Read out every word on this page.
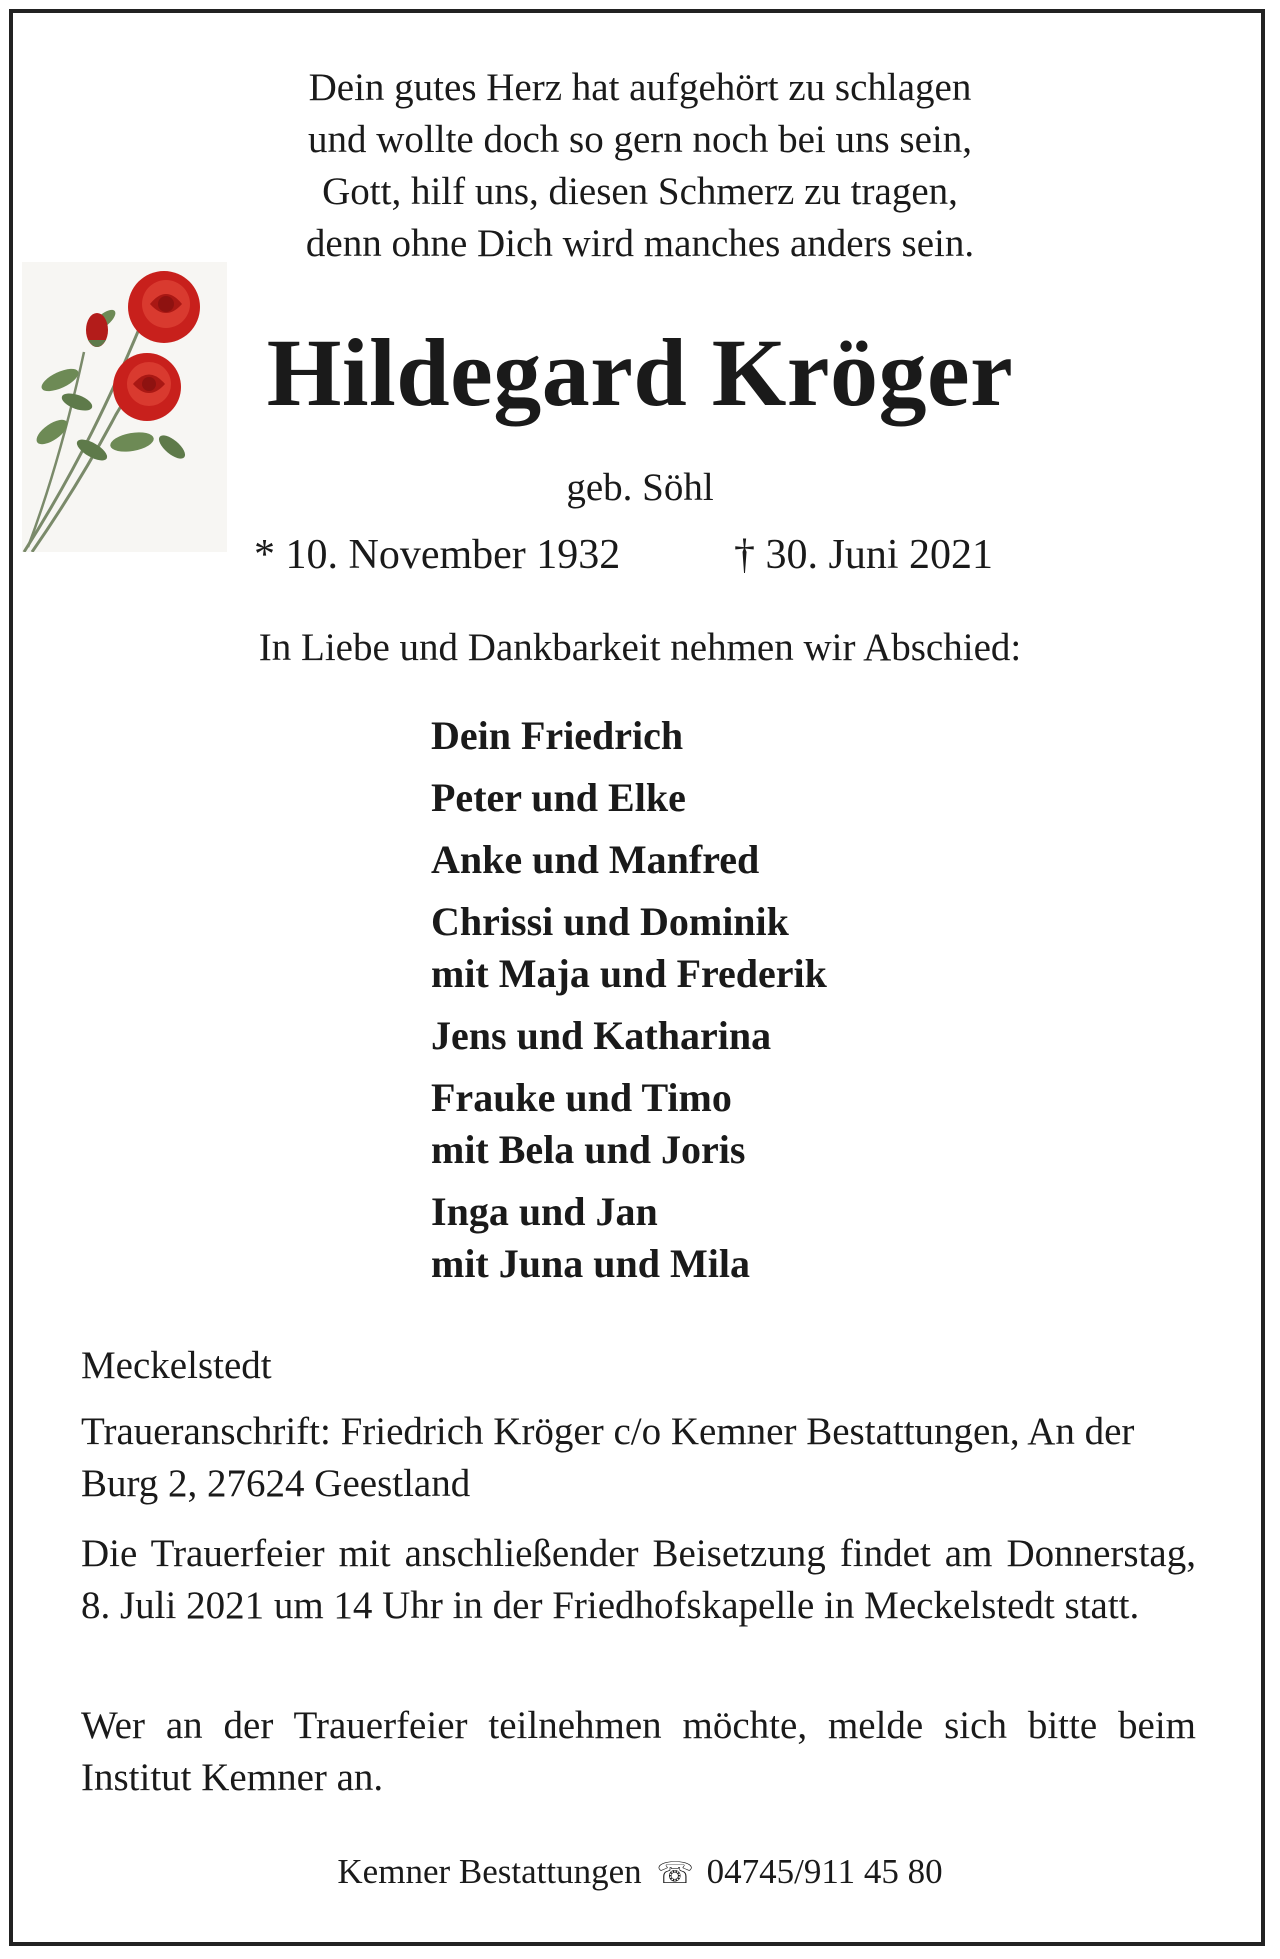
Dein gutes Herz hat aufgehört zu schlagen
und wollte doch so gern noch bei uns sein,
Gott, hilf uns, diesen Schmerz zu tragen,
denn ohne Dich wird manches anders sein.
Hildegard Kröger
geb. Söhl
* 10. November 1932	† 30. Juni 2021
In Liebe und Dankbarkeit nehmen wir Abschied:
Dein Friedrich
Peter und Elke
Anke und Manfred
Chrissi und Dominik
mit Maja und Frederik
Jens und Katharina
Frauke und Timo
mit Bela und Joris
Inga und Jan
mit Juna und Mila
Meckelstedt
Traueranschrift: Friedrich Kröger c/o Kemner Bestattungen, An der Burg 2, 27624 Geestland
Die Trauerfeier mit anschließender Beisetzung findet am Donnerstag, 8. Juli 2021 um 14 Uhr in der Friedhofskapelle in Meckelstedt statt.
Wer an der Trauerfeier teilnehmen möchte, melde sich bitte beim Institut Kemner an.
Kemner Bestattungen ☏ 04745/911 45 80
